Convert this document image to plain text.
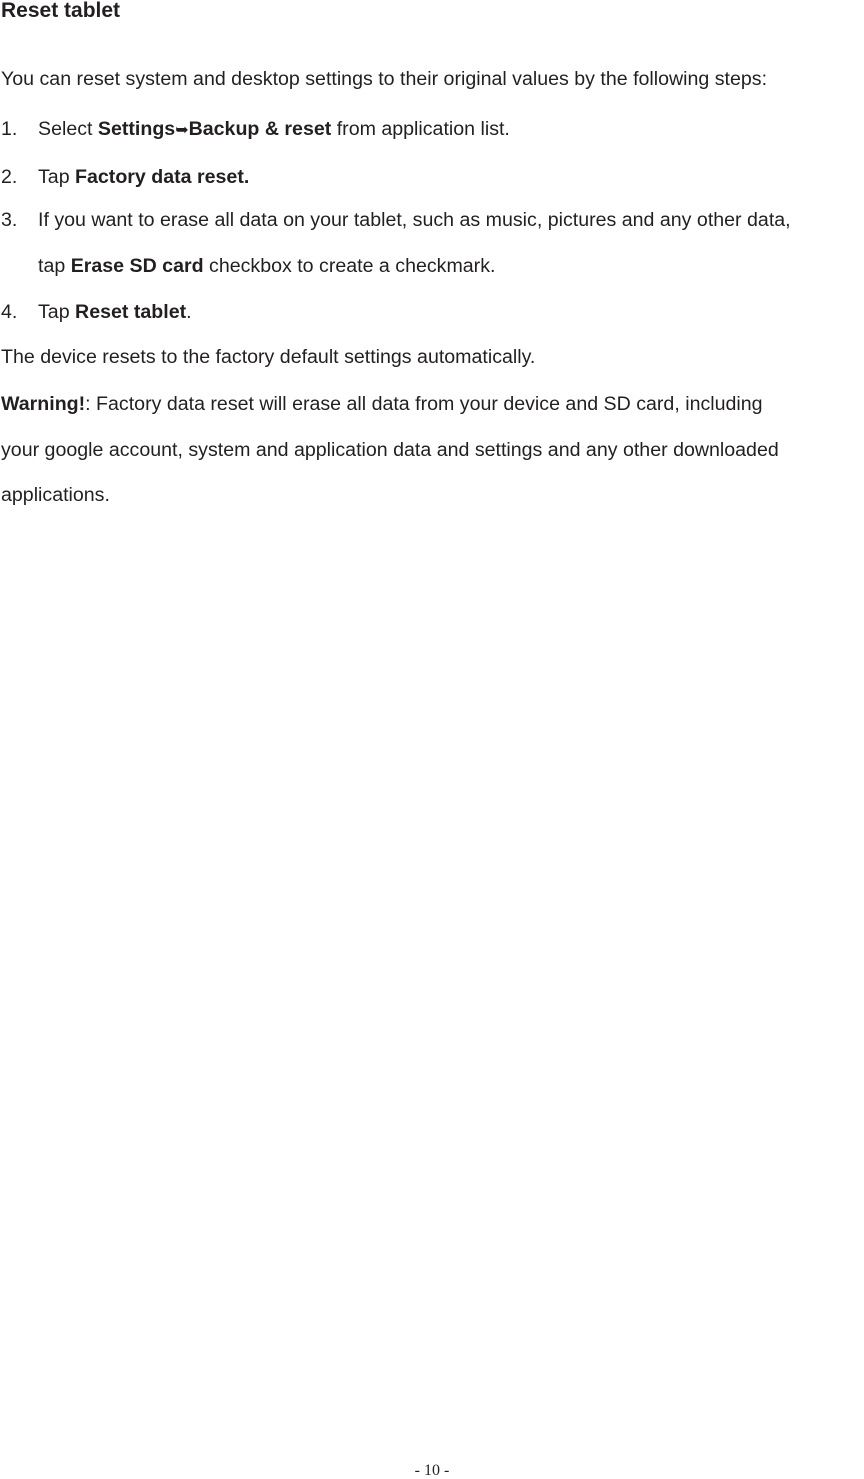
Reset tablet

You can reset system and desktop settings to their original values by the following steps:

1. Select Settings➥Backup & reset from application list.
2. Tap Factory data reset.
3. If you want to erase all data on your tablet, such as music, pictures and any other data,
tap Erase SD card checkbox to create a checkmark.
4. Tap Reset tablet.

The device resets to the factory default settings automatically.

Warning!: Factory data reset will erase all data from your device and SD card, including

your google account, system and application data and settings and any other downloaded

applications.

- 10 -
